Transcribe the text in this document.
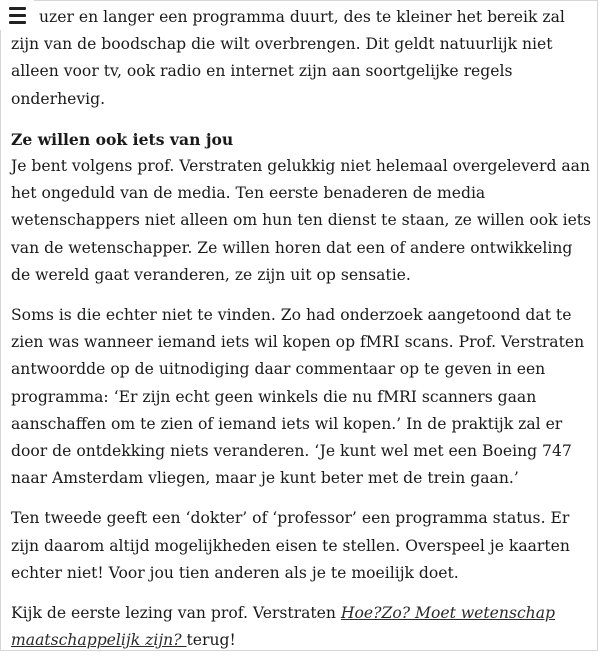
uzer en langer een programma duurt, des te kleiner het bereik zal zijn van de boodschap die wilt overbrengen. Dit geldt natuurlijk niet alleen voor tv, ook radio en internet zijn aan soortgelijke regels onderhevig.

Ze willen ook iets van jou
Je bent volgens prof. Verstraten gelukkig niet helemaal overgeleverd aan het ongeduld van de media. Ten eerste benaderen de media wetenschappers niet alleen om hun ten dienst te staan, ze willen ook iets van de wetenschapper. Ze willen horen dat een of andere ontwikkeling de wereld gaat veranderen, ze zijn uit op sensatie.

Soms is die echter niet te vinden. Zo had onderzoek aangetoond dat te zien was wanneer iemand iets wil kopen op fMRI scans. Prof. Verstraten antwoordde op de uitnodiging daar commentaar op te geven in een programma: ‘Er zijn echt geen winkels die nu fMRI scanners gaan aanschaffen om te zien of iemand iets wil kopen.’ In de praktijk zal er door de ontdekking niets veranderen. ‘Je kunt wel met een Boeing 747 naar Amsterdam vliegen, maar je kunt beter met de trein gaan.’

Ten tweede geeft een ‘dokter’ of ‘professor’ een programma status. Er zijn daarom altijd mogelijkheden eisen te stellen. Overspeel je kaarten echter niet! Voor jou tien anderen als je te moeilijk doet.

Kijk de eerste lezing van prof. Verstraten Hoe?Zo? Moet wetenschap maatschappelijk zijn? terug!
